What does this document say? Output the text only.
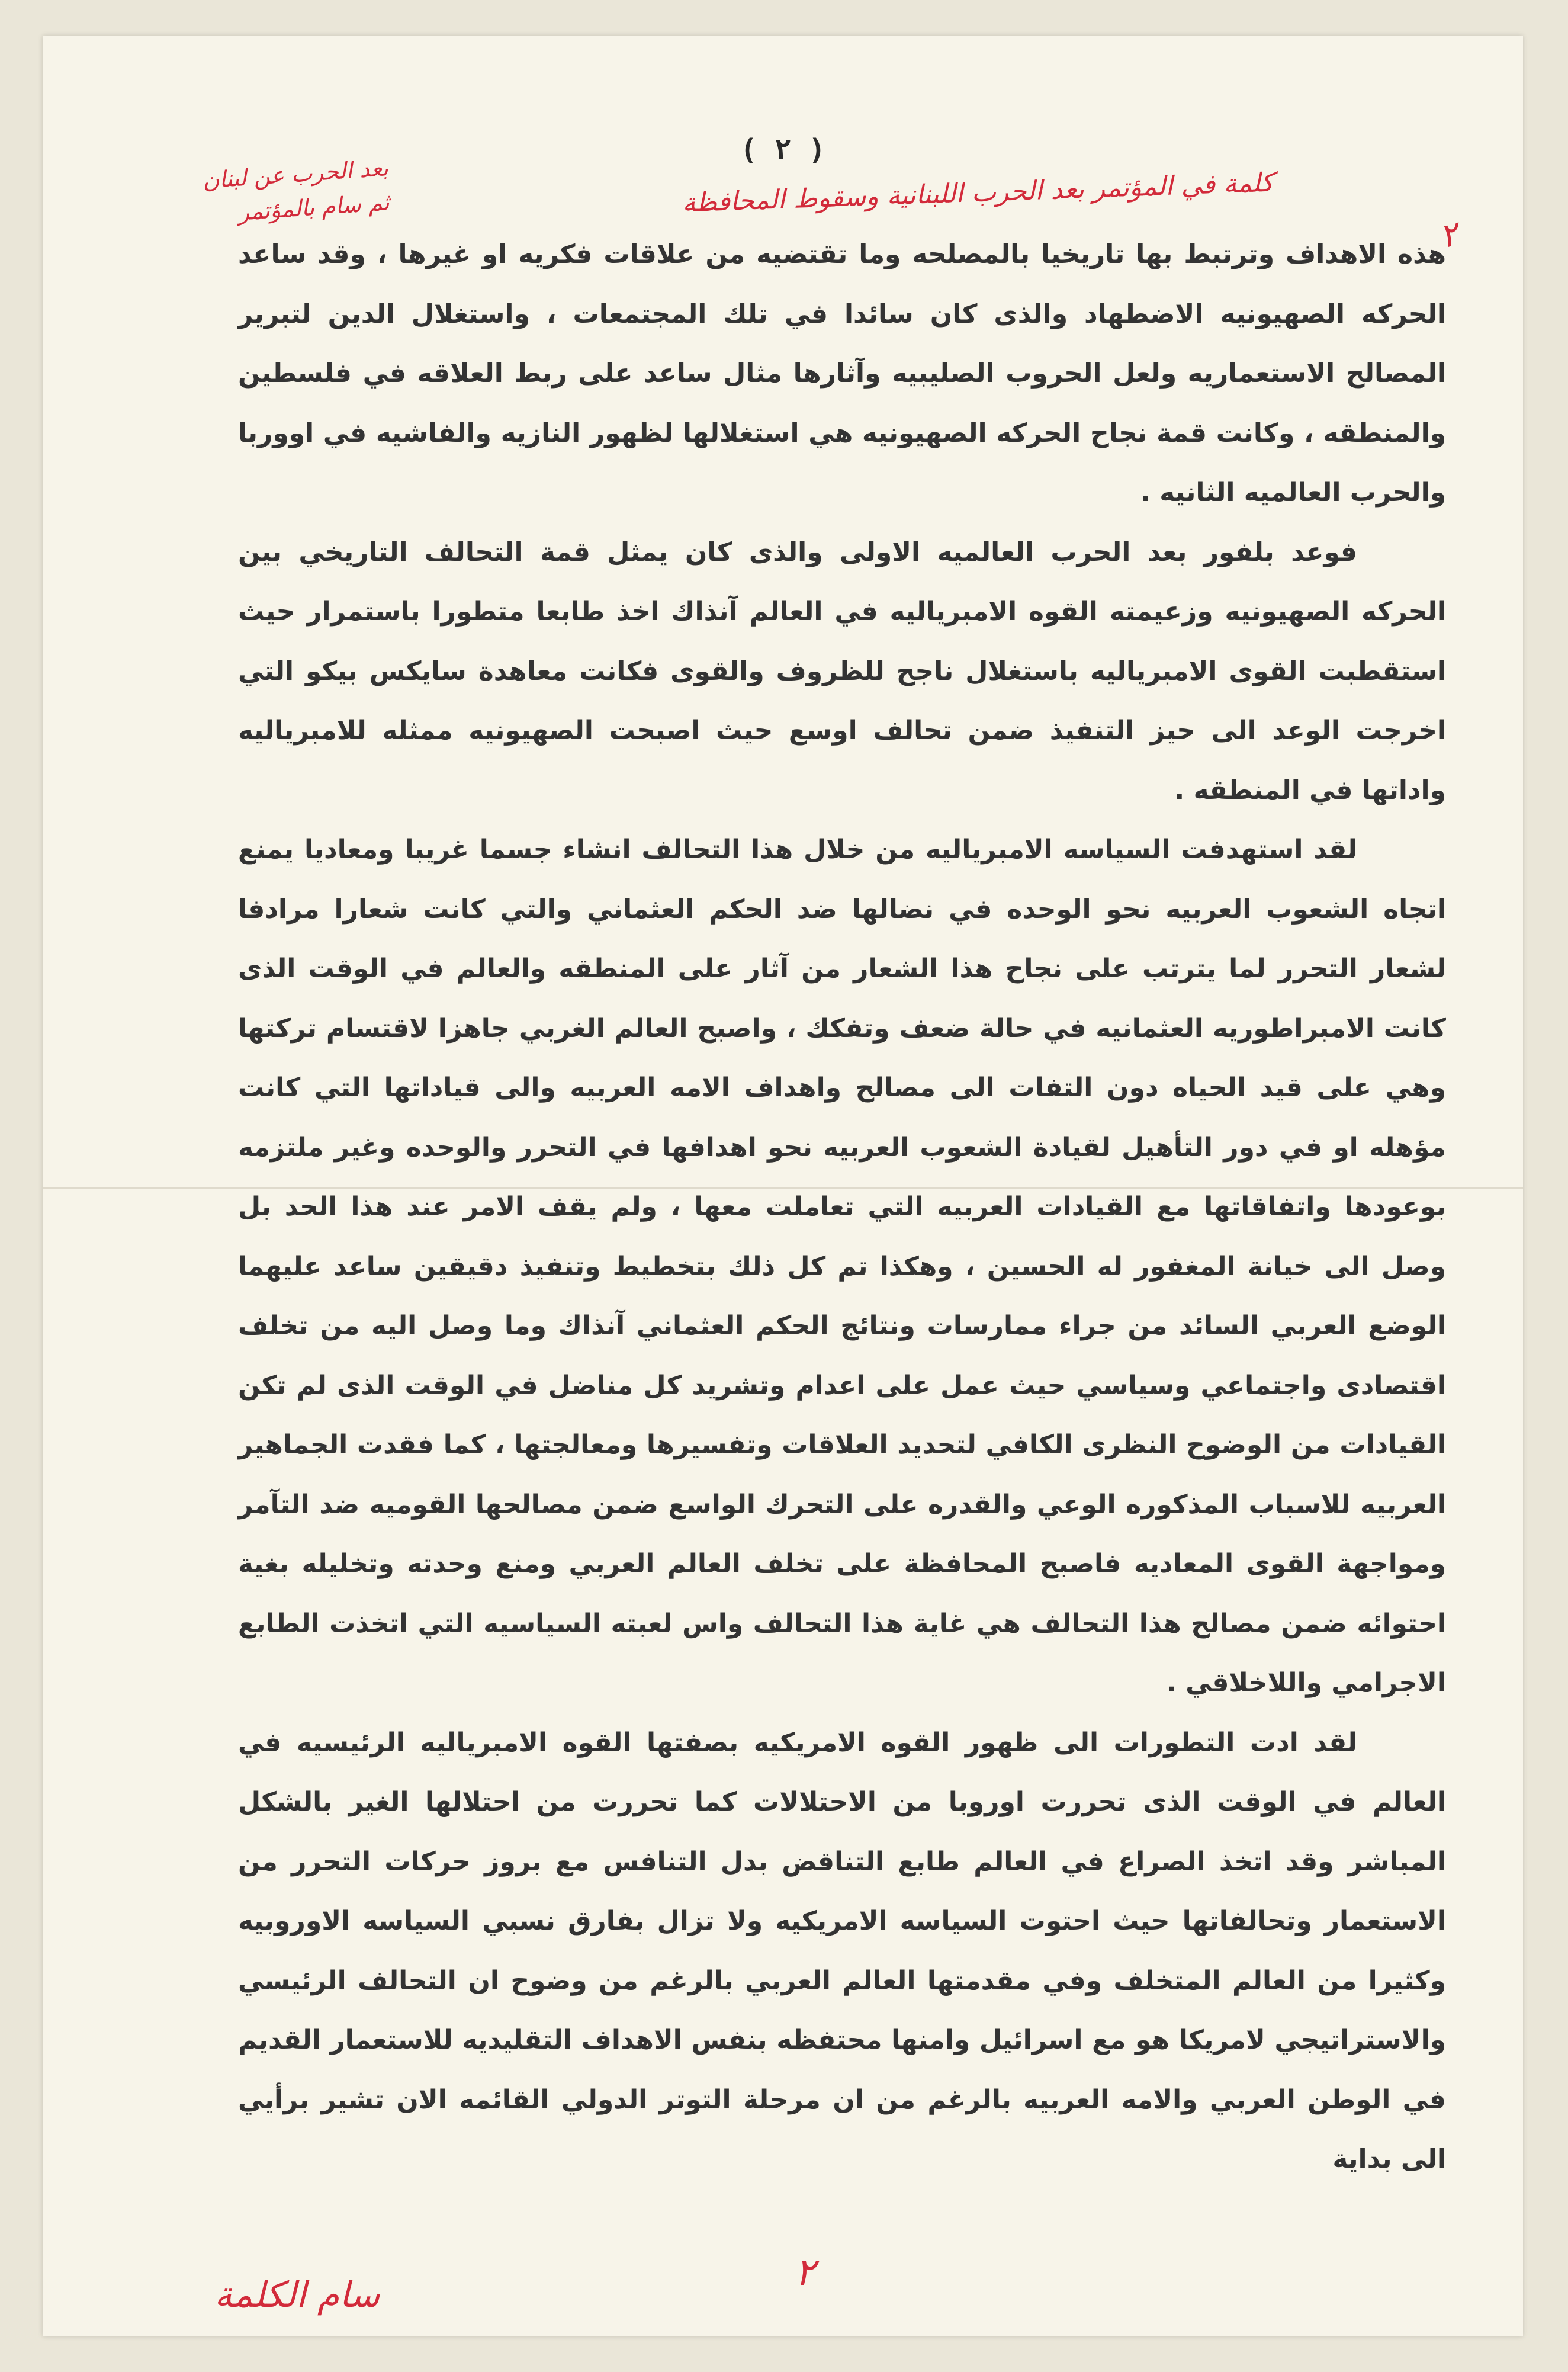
( ٢ )
كلمة في المؤتمر بعد الحرب اللبنانية وسقوط المحافظة
بعد الحرب عن لبنان
ثم سام بالمؤتمر
٢

هذه الاهداف وترتبط بها تاريخيا بالمصلحه وما تقتضيه من علاقات فكريه او غيرها ، وقد ساعد الحركه الصهيونيه الاضطهاد والذى كان سائدا في تلك المجتمعات ، واستغلال الدين لتبرير المصالح الاستعماريه ولعل الحروب الصليبيه وآثارها مثال ساعد على ربط العلاقه في فلسطين والمنطقه ، وكانت قمة نجاح الحركه الصهيونيه هي استغلالها لظهور النازيه والفاشيه في اووربا والحرب العالميه الثانيه .

فوعد بلفور بعد الحرب العالميه الاولى والذى كان يمثل قمة التحالف التاريخي بين الحركه الصهيونيه وزعيمته القوه الامبرياليه في العالم آنذاك اخذ طابعا متطورا باستمرار حيث استقطبت القوى الامبرياليه باستغلال ناجح للظروف والقوى فكانت معاهدة سايكس بيكو التي اخرجت الوعد الى حيز التنفيذ ضمن تحالف اوسع حيث اصبحت الصهيونيه ممثله للامبرياليه واداتها في المنطقه .

لقد استهدفت السياسه الامبرياليه من خلال هذا التحالف انشاء جسما غريبا ومعاديا يمنع اتجاه الشعوب العربيه نحو الوحده في نضالها ضد الحكم العثماني والتي كانت شعارا مرادفا لشعار التحرر لما يترتب على نجاح هذا الشعار من آثار على المنطقه والعالم في الوقت الذى كانت الامبراطوريه العثمانيه في حالة ضعف وتفكك ، واصبح العالم الغربي جاهزا لاقتسام تركتها وهي على قيد الحياه دون التفات الى مصالح واهداف الامه العربيه والى قياداتها التي كانت مؤهله او في دور التأهيل لقيادة الشعوب العربيه نحو اهدافها في التحرر والوحده وغير ملتزمه بوعودها واتفاقاتها مع القيادات العربيه التي تعاملت معها ، ولم يقف الامر عند هذا الحد بل وصل الى خيانة المغفور له الحسين ، وهكذا تم كل ذلك بتخطيط وتنفيذ دقيقين ساعد عليهما الوضع العربي السائد من جراء ممارسات ونتائج الحكم العثماني آنذاك وما وصل اليه من تخلف اقتصادى واجتماعي وسياسي حيث عمل على اعدام وتشريد كل مناضل في الوقت الذى لم تكن القيادات من الوضوح النظرى الكافي لتحديد العلاقات وتفسيرها ومعالجتها ، كما فقدت الجماهير العربيه للاسباب المذكوره الوعي والقدره على التحرك الواسع ضمن مصالحها القوميه ضد التآمر ومواجهة القوى المعاديه فاصبح المحافظة على تخلف العالم العربي ومنع وحدته وتخليله بغية احتوائه ضمن مصالح هذا التحالف هي غاية هذا التحالف واس لعبته السياسيه التي اتخذت الطابع الاجرامي واللاخلاقي .

لقد ادت التطورات الى ظهور القوه الامريكيه بصفتها القوه الامبرياليه الرئيسيه في العالم في الوقت الذى تحررت اوروبا من الاحتلالات كما تحررت من احتلالها الغير بالشكل المباشر وقد اتخذ الصراع في العالم طابع التناقض بدل التنافس مع بروز حركات التحرر من الاستعمار وتحالفاتها حيث احتوت السياسه الامريكيه ولا تزال بفارق نسبي السياسه الاوروبيه وكثيرا من العالم المتخلف وفي مقدمتها العالم العربي بالرغم من وضوح ان التحالف الرئيسي والاستراتيجي لامريكا هو مع اسرائيل وامنها محتفظه بنفس الاهداف التقليديه للاستعمار القديم في الوطن العربي والامه العربيه بالرغم من ان مرحلة التوتر الدولي القائمه الان تشير برأيي الى بداية

٢
سام الكلمة
